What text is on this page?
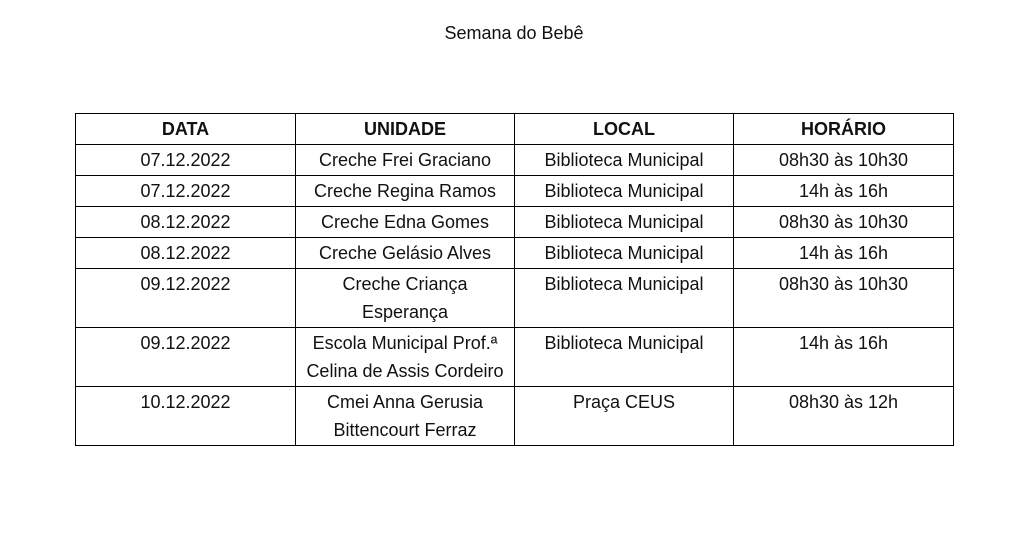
Semana do Bebê
DATA	UNIDADE	LOCAL	HORÁRIO
07.12.2022	Creche Frei Graciano	Biblioteca Municipal	08h30 às 10h30
07.12.2022	Creche Regina Ramos	Biblioteca Municipal	14h às 16h
08.12.2022	Creche Edna Gomes	Biblioteca Municipal	08h30 às 10h30
08.12.2022	Creche Gelásio Alves	Biblioteca Municipal	14h às 16h
09.12.2022	Creche Criança Esperança	Biblioteca Municipal	08h30 às 10h30
09.12.2022	Escola Municipal Prof.ª Celina de Assis Cordeiro	Biblioteca Municipal	14h às 16h
10.12.2022	Cmei Anna Gerusia Bittencourt Ferraz	Praça CEUS	08h30 às 12h
